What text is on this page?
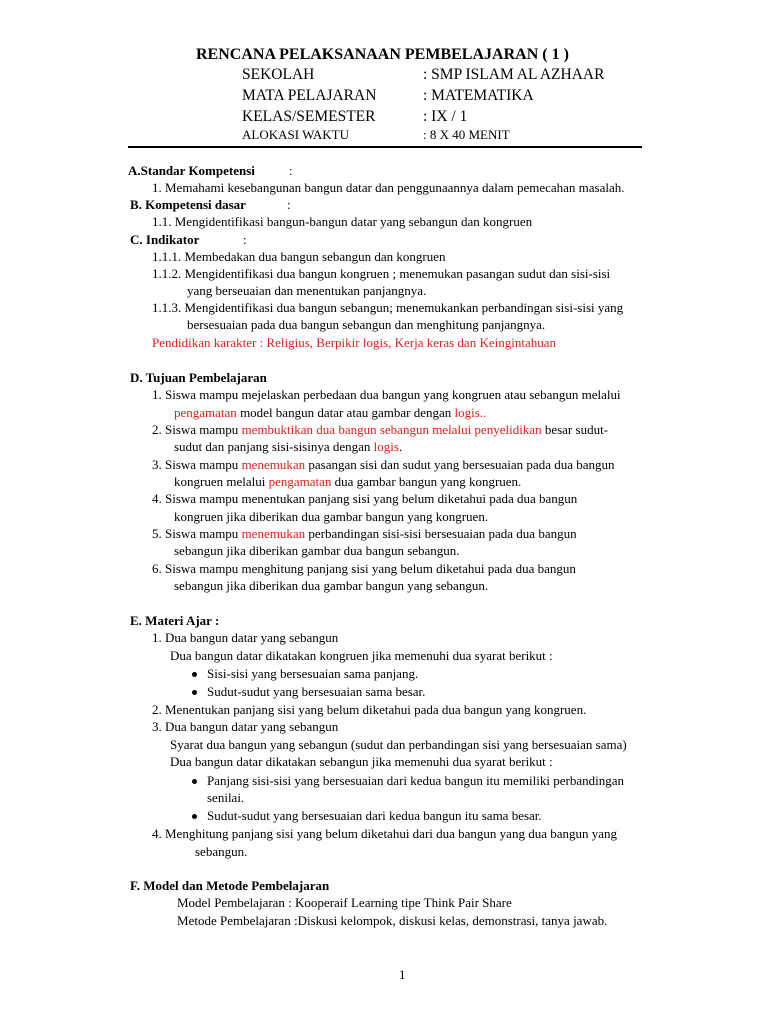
RENCANA PELAKSANAAN PEMBELAJARAN ( 1 )
SEKOLAH	: SMP ISLAM AL AZHAAR
MATA PELAJARAN	: MATEMATIKA
KELAS/SEMESTER	: IX / 1
ALOKASI WAKTU	: 8 X 40 MENIT
A.Standar Kompetensi	:
1. Memahami kesebangunan bangun datar dan penggunaannya dalam pemecahan masalah.
B. Kompetensi dasar	:
1.1. Mengidentifikasi bangun-bangun datar yang sebangun dan kongruen
C. Indikator	:
1.1.1. Membedakan dua bangun sebangun dan kongruen
1.1.2. Mengidentifikasi dua bangun kongruen ; menemukan pasangan sudut dan sisi-sisi
yang berseuaian dan menentukan panjangnya.
1.1.3. Mengidentifikasi dua bangun sebangun; menemukankan perbandingan sisi-sisi yang
bersesuaian pada dua bangun sebangun dan menghitung panjangnya.
Pendidikan karakter : Religius, Berpikir logis, Kerja keras dan Keingintahuan
D. Tujuan Pembelajaran
1. Siswa mampu mejelaskan perbedaan dua bangun yang kongruen atau sebangun melalui
pengamatan model bangun datar atau gambar dengan logis..
2. Siswa mampu membuktikan dua bangun sebangun melalui penyelidikan besar sudut-
sudut dan panjang sisi-sisinya dengan logis.
3. Siswa mampu menemukan pasangan sisi dan sudut yang bersesuaian pada dua bangun
kongruen melalui pengamatan dua gambar bangun yang kongruen.
4. Siswa mampu menentukan panjang sisi yang belum diketahui pada dua bangun
kongruen jika diberikan dua gambar bangun yang kongruen.
5. Siswa mampu menemukan perbandingan sisi-sisi bersesuaian pada dua bangun
sebangun jika diberikan gambar dua bangun sebangun.
6. Siswa mampu menghitung panjang sisi yang belum diketahui pada dua bangun
sebangun jika diberikan dua gambar bangun yang sebangun.
E. Materi Ajar :
1. Dua bangun datar yang sebangun
Dua bangun datar dikatakan kongruen jika memenuhi dua syarat berikut :
Sisi-sisi yang bersesuaian sama panjang.
Sudut-sudut yang bersesuaian sama besar.
2. Menentukan panjang sisi yang belum diketahui pada dua bangun yang kongruen.
3. Dua bangun datar yang sebangun
Syarat dua bangun yang sebangun (sudut dan perbandingan sisi yang bersesuaian sama)
Dua bangun datar dikatakan sebangun jika memenuhi dua syarat berikut :
Panjang sisi-sisi yang bersesuaian dari kedua bangun itu memiliki perbandingan
senilai.
Sudut-sudut yang bersesuaian dari kedua bangun itu sama besar.
4. Menghitung panjang sisi yang belum diketahui dari dua bangun yang dua bangun yang
sebangun.
F. Model dan Metode Pembelajaran
Model Pembelajaran : Kooperaif Learning tipe Think Pair Share
Metode Pembelajaran :Diskusi kelompok, diskusi kelas, demonstrasi, tanya jawab.
1
